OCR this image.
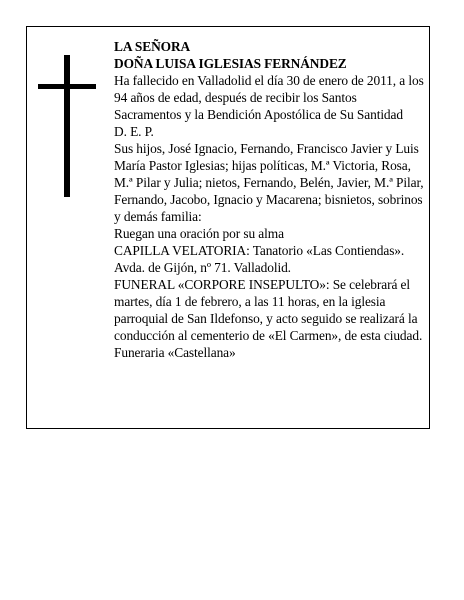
LA SEÑORA

DOÑA LUISA IGLESIAS FERNÁNDEZ

Ha fallecido en Valladolid el día 30 de enero de 2011, a los 94 años de edad, después de recibir los Santos Sacramentos y la Bendición Apostólica de Su Santidad

D. E. P.

Sus hijos, José Ignacio, Fernando, Francisco Javier y Luis María Pastor Iglesias; hijas políticas, M.ª Victoria, Rosa, M.ª Pilar y Julia; nietos, Fernando, Belén, Javier, M.ª Pilar, Fernando, Jacobo, Ignacio y Macarena; bisnietos, sobrinos y demás familia:

Ruegan una oración por su alma

CAPILLA VELATORIA: Tanatorio «Las Contiendas». Avda. de Gijón, nº 71. Valladolid.

FUNERAL «CORPORE INSEPULTO»: Se celebrará el martes, día 1 de febrero, a las 11 horas, en la iglesia parroquial de San Ildefonso, y acto seguido se realizará la conducción al cementerio de «El Carmen», de esta ciudad.

Funeraria «Castellana»
